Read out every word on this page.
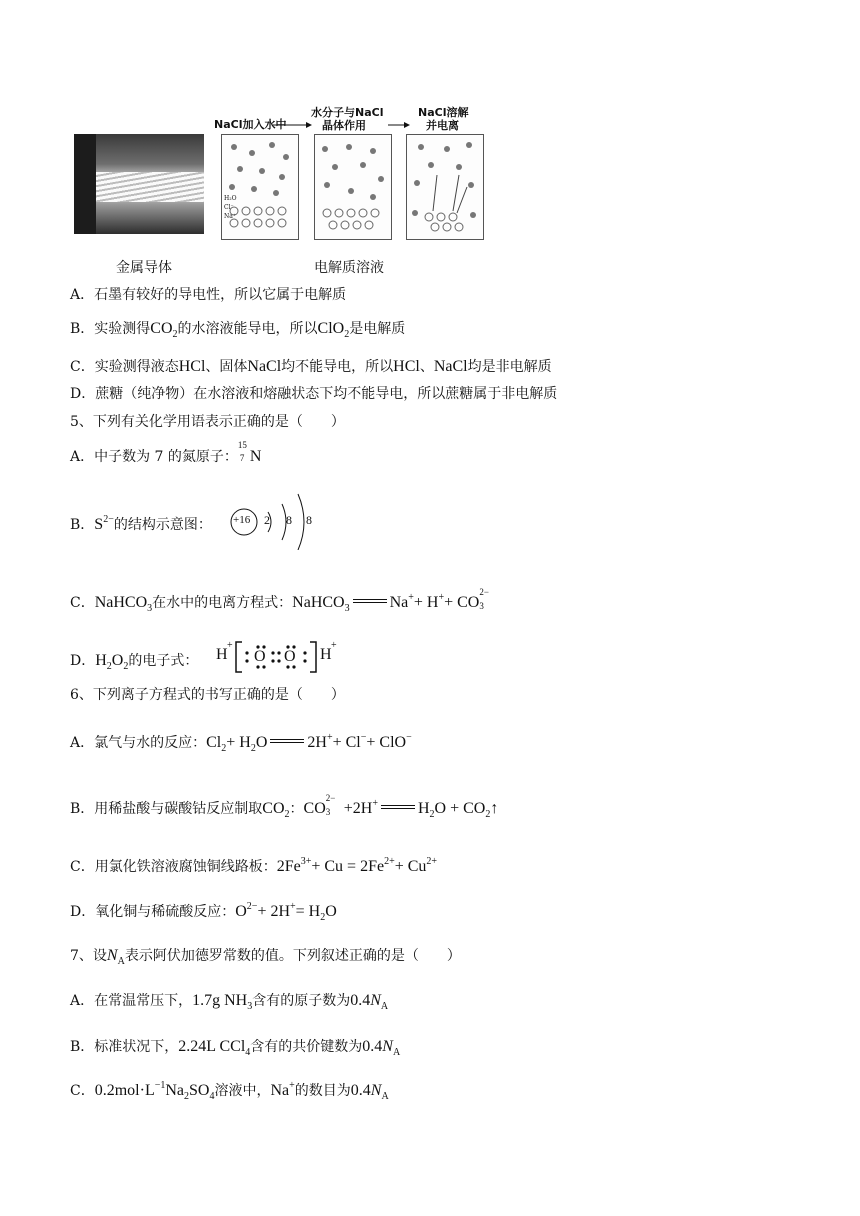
NaCl加入水中
水分子与NaCl
晶体作用
NaCl溶解
并电离
H₂O
Cl⁻
Na⁺
金属导体	电解质溶液
A．石墨有较好的导电性，所以它属于电解质
B．实验测得$CO_2$的水溶液能导电，所以ClO$_2$是电解质
C．实验测得液态HCl、固体NaCl均不能导电，所以HCl、NaCl均是非电解质
D．蔗糖（纯净物）在水溶液和熔融状态下均不能导电，所以蔗糖属于非电解质
5、下列有关化学用语表示正确的是（　　）
A．中子数为 7 的氮原子：
15
7 N
B．$S^{2-}$的结构示意图： +16 2 8 8
C．NaHCO$_3$在水中的电离方程式：NaHCO$_3$	Na++ H++ CO
2−
3
D．$H_2O_2$的电子式： H
+
O O H
+
6、下列离子方程式的书写正确的是（　　）
A．氯气与水的反应：$Cl_2+ H_2O$	2H++ Cl−+ ClO−
B．用稀盐酸与碳酸钴反应制取$CO_2$：CO
2−
3 +2H+	$H_2O$ + $CO_2↑$
C．用氯化铁溶液腐蚀铜线路板：$2Fe^{3+}+ Cu = 2Fe^{2+}+ Cu^{2+}$
D．氧化铜与稀硫酸反应：$O^{2-}+ 2H^+= H_2O$
7、设$N_A$表示阿伏加德罗常数的值。下列叙述正确的是（　　）
A．在常温常压下，1.7g $NH_3$含有的原子数为$0.4N_A$
B．标准状况下，2.24L CCl$_4$含有的共价键数为$0.4N_A$
C．$0.2mol\cdot L^{-1}Na_2SO_4$溶液中，Na+的数目为$0.4N_A$
